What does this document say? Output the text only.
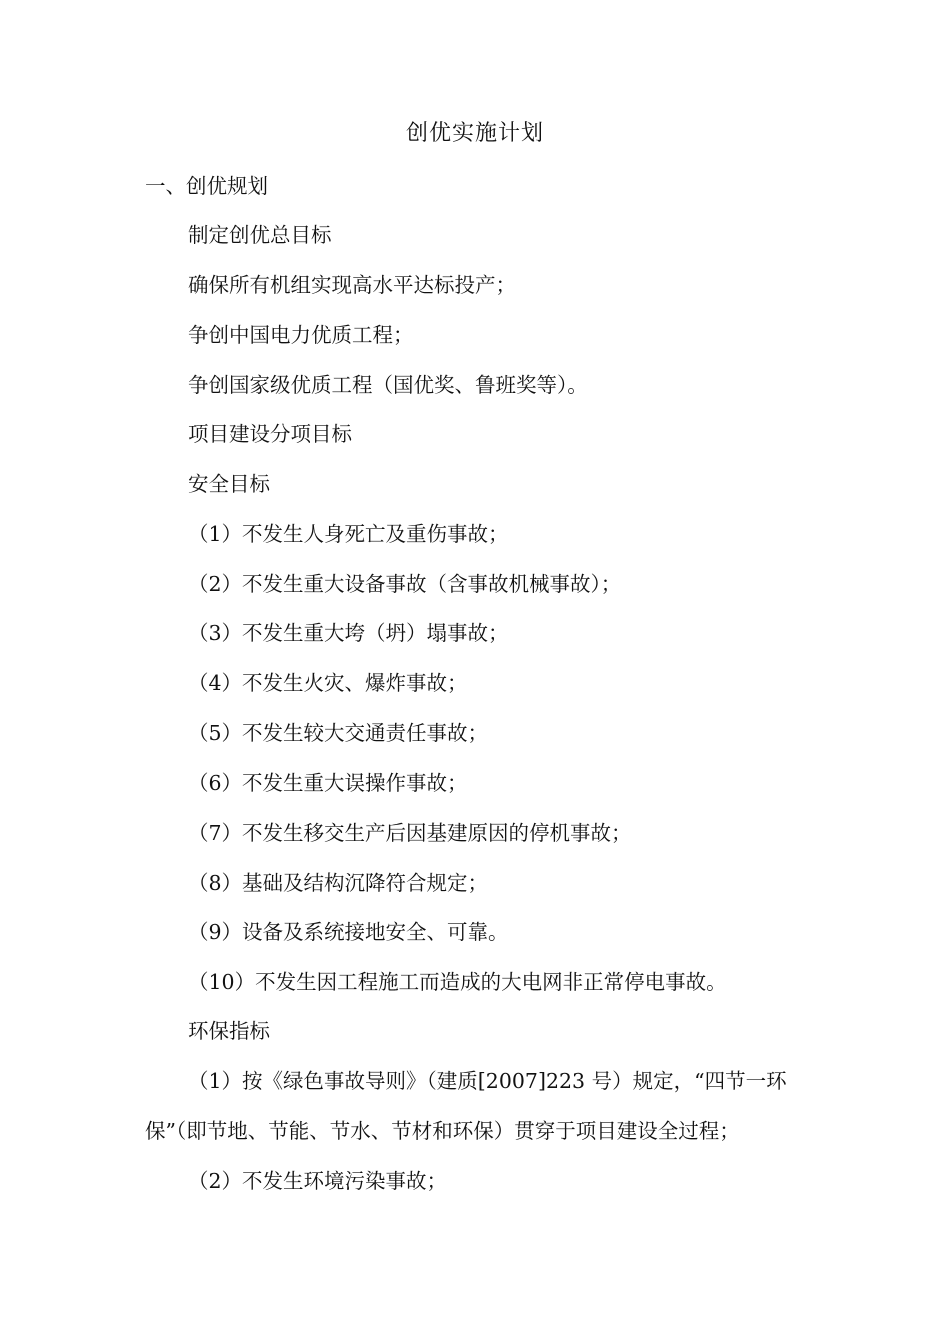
创优实施计划
一、创优规划
制定创优总目标
确保所有机组实现高水平达标投产；
争创中国电力优质工程；
争创国家级优质工程（国优奖、鲁班奖等）。
项目建设分项目标
安全目标
（1）不发生人身死亡及重伤事故；
（2）不发生重大设备事故（含事故机械事故）；
（3）不发生重大垮（坍）塌事故；
（4）不发生火灾、爆炸事故；
（5）不发生较大交通责任事故；
（6）不发生重大误操作事故；
（7）不发生移交生产后因基建原因的停机事故；
（8）基础及结构沉降符合规定；
（9）设备及系统接地安全、可靠。
（10）不发生因工程施工而造成的大电网非正常停电事故。
环保指标
（1）按《绿色事故导则》（建质[2007]223 号）规定，“四节一环
保”（即节地、节能、节水、节材和环保）贯穿于项目建设全过程；
（2）不发生环境污染事故；
